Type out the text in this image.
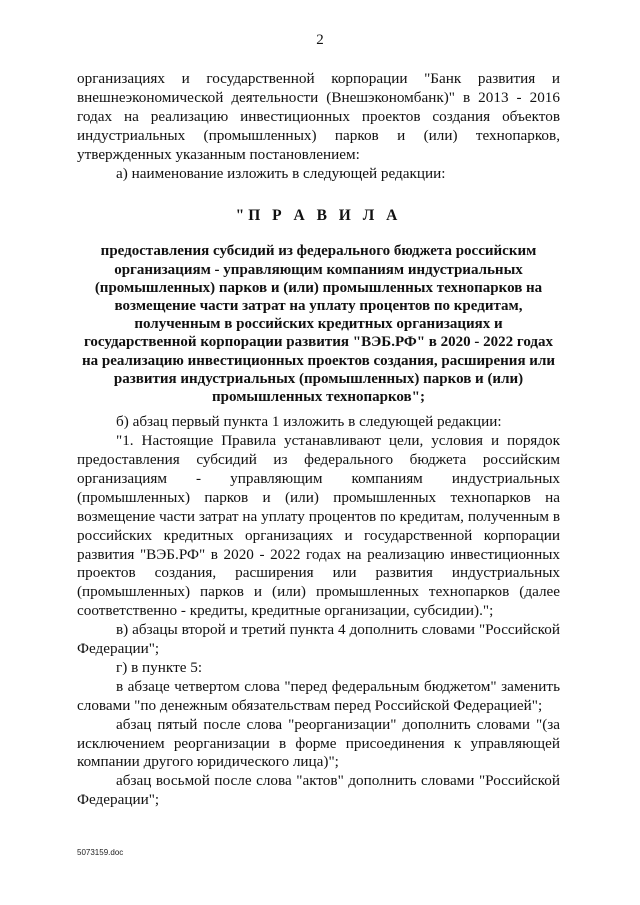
2

организациях и государственной корпорации "Банк развития и внешнеэкономической деятельности (Внешэкономбанк)" в 2013 - 2016 годах на реализацию инвестиционных проектов создания объектов индустриальных (промышленных) парков и (или) технопарков, утвержденных указанным постановлением:

а) наименование изложить в следующей редакции:

"П Р А В И Л А

предоставления субсидий из федерального бюджета российским организациям - управляющим компаниям индустриальных (промышленных) парков и (или) промышленных технопарков на возмещение части затрат на уплату процентов по кредитам, полученным в российских кредитных организациях и государственной корпорации развития "ВЭБ.РФ" в 2020 - 2022 годах на реализацию инвестиционных проектов создания, расширения или развития индустриальных (промышленных) парков и (или) промышленных технопарков";

б) абзац первый пункта 1 изложить в следующей редакции:

"1. Настоящие Правила устанавливают цели, условия и порядок предоставления субсидий из федерального бюджета российским организациям - управляющим компаниям индустриальных (промышленных) парков и (или) промышленных технопарков на возмещение части затрат на уплату процентов по кредитам, полученным в российских кредитных организациях и государственной корпорации развития "ВЭБ.РФ" в 2020 - 2022 годах на реализацию инвестиционных проектов создания, расширения или развития индустриальных (промышленных) парков и (или) промышленных технопарков (далее соответственно - кредиты, кредитные организации, субсидии).";

в) абзацы второй и третий пункта 4 дополнить словами "Российской Федерации";

г) в пункте 5:

в абзаце четвертом слова "перед федеральным бюджетом" заменить словами "по денежным обязательствам перед Российской Федерацией";

абзац пятый после слова "реорганизации" дополнить словами "(за исключением реорганизации в форме присоединения к управляющей компании другого юридического лица)";

абзац восьмой после слова "актов" дополнить словами "Российской Федерации";

5073159.doc
